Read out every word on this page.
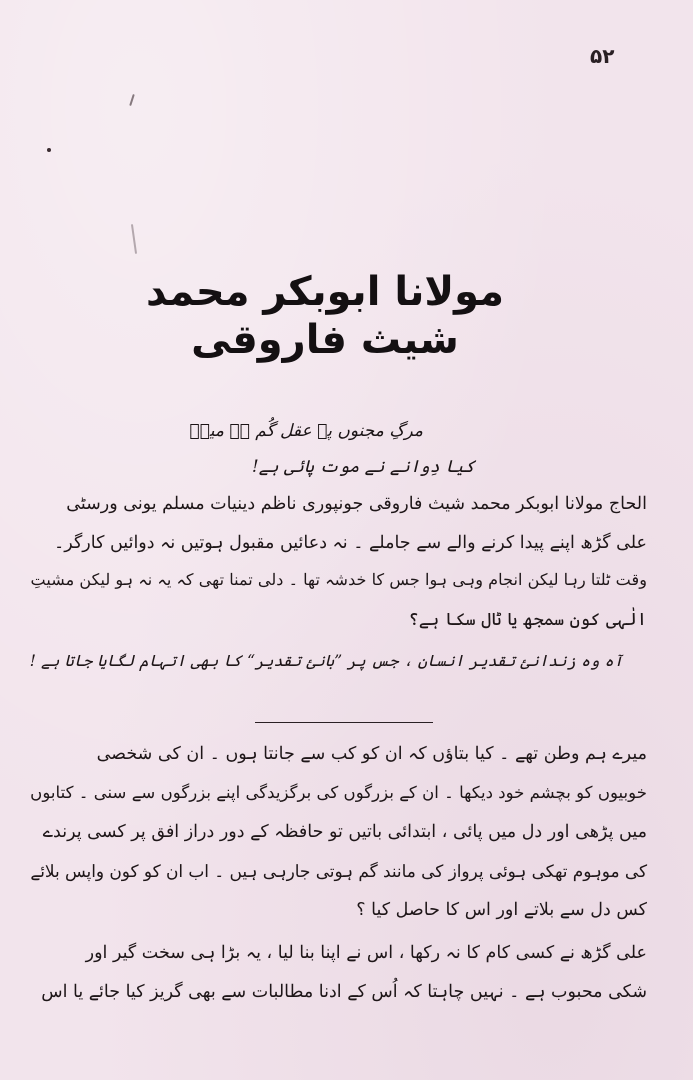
۵۲
مولانا ابوبکر محمد شیث فاروقی
مرگِ مجنوں پہ عقل گُم ہے میرؔ
کیا دِوانے نے موت پائی ہے!
الحاج مولانا ابوبکر محمد شیث فاروقی جونپوری ناظم دینیات مسلم یونی ورسٹی
علی گڑھ اپنے پیدا کرنے والے سے جاملے ۔ نہ دعائیں مقبول ہوتیں نہ دوائیں کارگر۔
وقت ٹلتا رہا لیکن انجام وہی ہوا جس کا خدشہ تھا ۔ دلی تمنا تھی کہ یہ نہ ہو لیکن مشیتِ
الٰہی کون سمجھ یا ٹال سکا ہے؟
آہ وہ زندانیٔ تقدیر انسان ، جس پر ”بانیٔ تقدیر“ کا بھی اتہام لگایا جاتا ہے !
میرے ہم وطن تھے ۔ کیا بتاؤں کہ ان کو کب سے جانتا ہوں ۔ ان کی شخصی
خوبیوں کو بچشم خود دیکھا ۔ ان کے بزرگوں کی برگزیدگی اپنے بزرگوں سے سنی ۔ کتابوں
میں پڑھی اور دل میں پائی ، ابتدائی باتیں تو حافظہ کے دور دراز افق پر کسی پرندے
کی موہوم تھکی ہوئی پرواز کی مانند گم ہوتی جارہی ہیں ۔ اب ان کو کون واپس بلائے
کس دل سے بلاتے اور اس کا حاصل کیا ؟
علی گڑھ نے کسی کام کا نہ رکھا ، اس نے اپنا بنا لیا ، یہ بڑا ہی سخت گیر اور
شکی محبوب ہے ۔ نہیں چاہتا کہ اُس کے ادنا مطالبات سے بھی گریز کیا جائے یا اس
